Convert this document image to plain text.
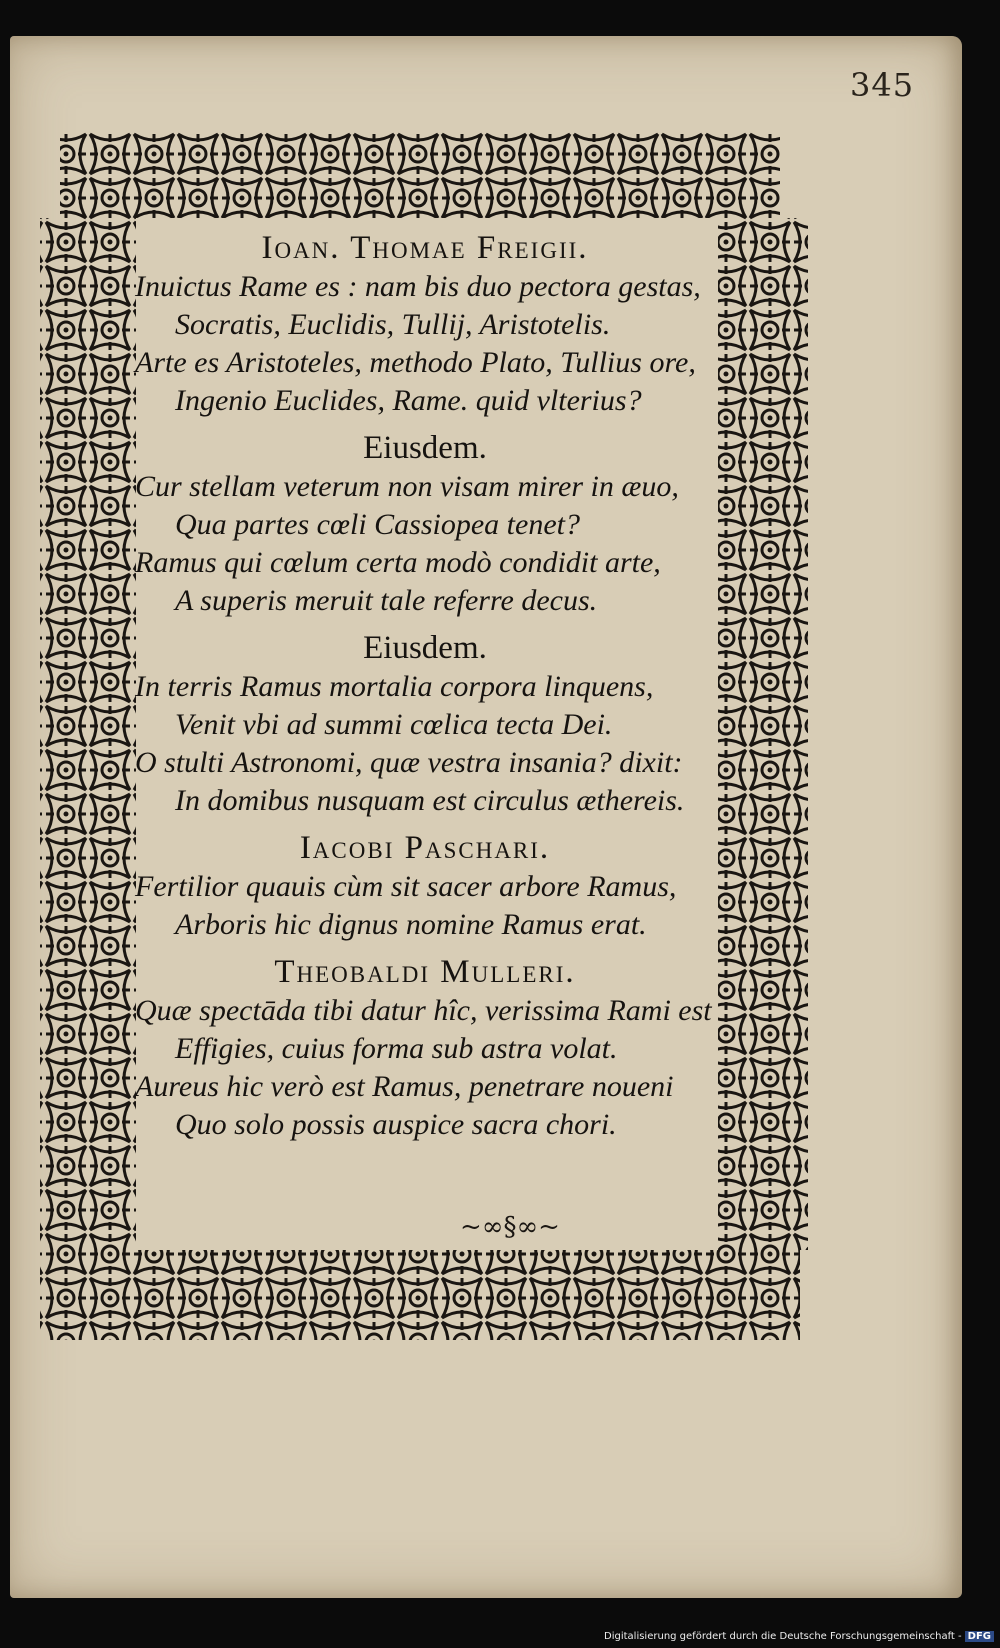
345

Ioan. Thomae Freigii.

Inuictus Rame es : nam bis duo pectora gestas,

Socratis, Euclidis, Tullij, Aristotelis.

Arte es Aristoteles, methodo Plato, Tullius ore,

Ingenio Euclides, Rame. quid vlterius?

Eiusdem.

Cur stellam veterum non visam mirer in æuo,

Qua partes cœli Cassiopea tenet?

Ramus qui cœlum certa modò condidit arte,

A superis meruit tale referre decus.

Eiusdem.

In terris Ramus mortalia corpora linquens,

Venit vbi ad summi cœlica tecta Dei.

O stulti Astronomi, quæ vestra insania? dixit:

In domibus nusquam est circulus æthereis.

Iacobi Paschari.

Fertilior quauis cùm sit sacer arbore Ramus,

Arboris hic dignus nomine Ramus erat.

Theobaldi Mulleri.

Quæ spectāda tibi datur hîc, verissima Rami est

Effigies, cuius forma sub astra volat.

Aureus hic verò est Ramus, penetrare noueni

Quo solo possis auspice sacra chori.

~∞§∞~
Digitalisierung gefördert durch die Deutsche Forschungsgemeinschaft - DFG
